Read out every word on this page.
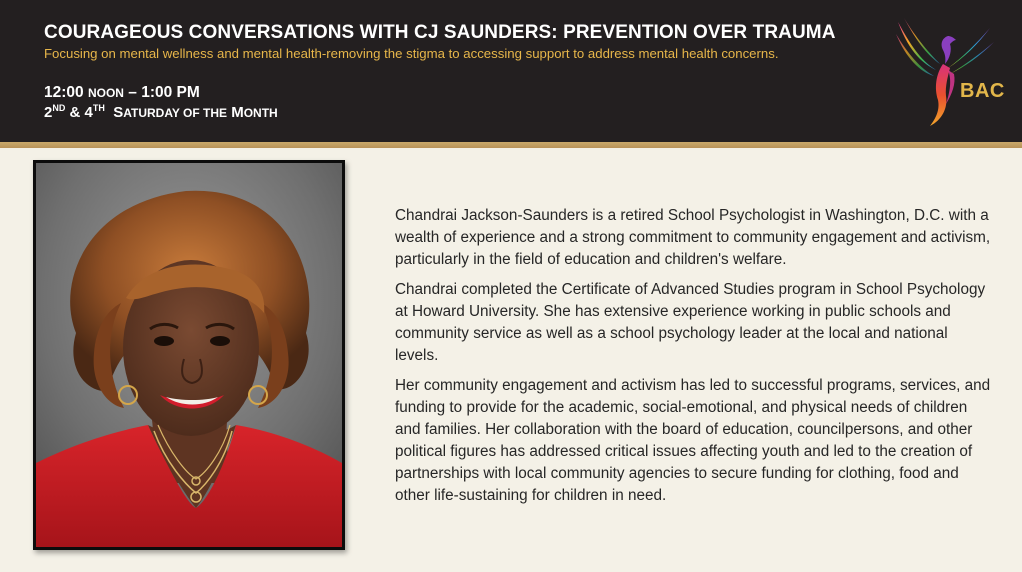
COURAGEOUS CONVERSATIONS WITH CJ SAUNDERS: PREVENTION OVER TRAUMA
Focusing on mental wellness and mental health-removing the stigma to accessing support to address mental health concerns.
12:00 NOON – 1:00 PM
2ND & 4TH SATURDAY OF THE MONTH
BAC

Chandrai Jackson-Saunders is a retired School Psychologist in Washington, D.C. with a wealth of experience and a strong commitment to community engagement and activism, particularly in the field of education and children's welfare.

Chandrai completed the Certificate of Advanced Studies program in School Psychology at Howard University. She has extensive experience working in public schools and community service as well as a school psychology leader at the local and national levels.

Her community engagement and activism has led to successful programs, services, and funding to provide for the academic, social-emotional, and physical needs of children and families. Her collaboration with the board of education, councilpersons, and other political figures has addressed critical issues affecting youth and led to the creation of partnerships with local community agencies to secure funding for clothing, food and other life-sustaining for children in need.
